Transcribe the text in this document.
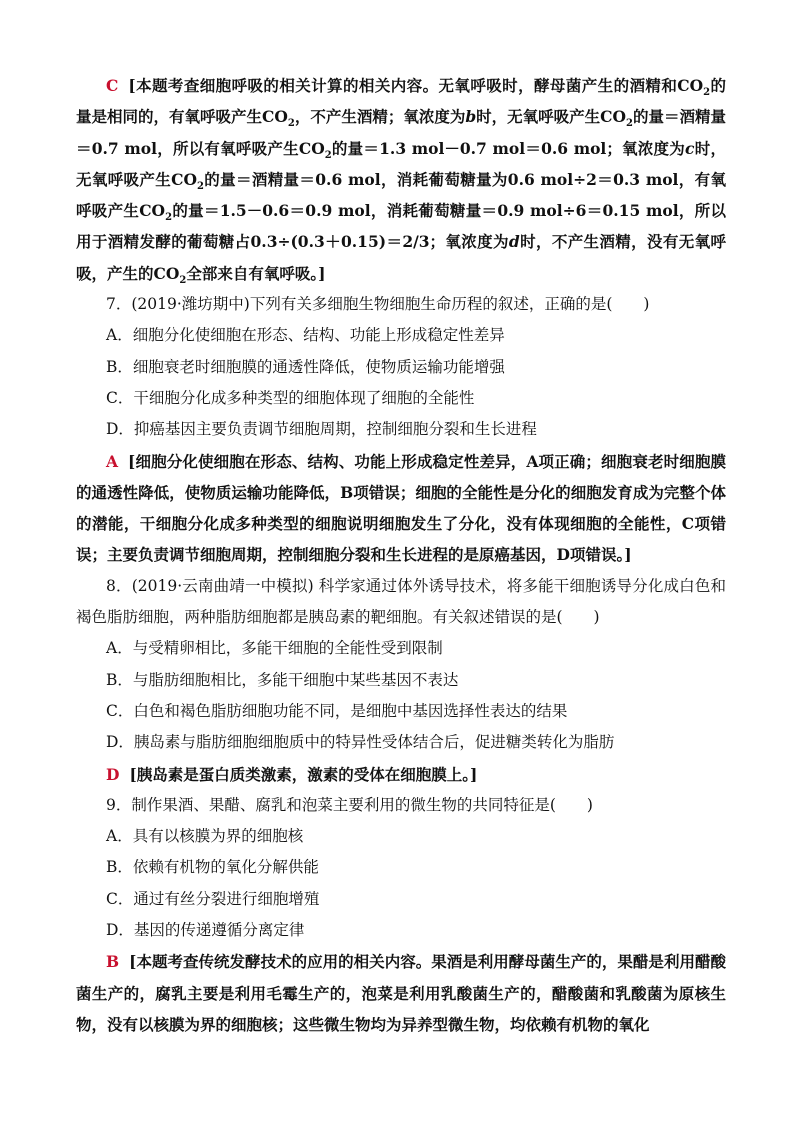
C [本题考查细胞呼吸的相关计算的相关内容。无氧呼吸时，酵母菌产生的酒精和$CO_2$的量是相同的，有氧呼吸产生$CO_2$，不产生酒精；氧浓度为b时，无氧呼吸产生$CO_2$的量＝酒精量＝0.7 mol，所以有氧呼吸产生$CO_2$的量＝1.3 mol－0.7 mol＝0.6 mol；氧浓度为c时，无氧呼吸产生$CO_2$的量＝酒精量＝0.6 mol，消耗葡萄糖量为0.6 mol÷2＝0.3 mol，有氧呼吸产生$CO_2$的量＝1.5－0.6＝0.9 mol，消耗葡萄糖量＝0.9 mol÷6＝0.15 mol，所以用于酒精发酵的葡萄糖占0.3÷(0.3＋0.15)＝2/3；氧浓度为d时，不产生酒精，没有无氧呼吸，产生的$CO_2$全部来自有氧呼吸。]

7．(2019·潍坊期中)下列有关多细胞生物细胞生命历程的叙述，正确的是(　　)

A．细胞分化使细胞在形态、结构、功能上形成稳定性差异

B．细胞衰老时细胞膜的通透性降低，使物质运输功能增强

C．干细胞分化成多种类型的细胞体现了细胞的全能性

D．抑癌基因主要负责调节细胞周期，控制细胞分裂和生长进程

A [细胞分化使细胞在形态、结构、功能上形成稳定性差异，A项正确；细胞衰老时细胞膜的通透性降低，使物质运输功能降低，B项错误；细胞的全能性是分化的细胞发育成为完整个体的潜能，干细胞分化成多种类型的细胞说明细胞发生了分化，没有体现细胞的全能性，C项错误；主要负责调节细胞周期，控制细胞分裂和生长进程的是原癌基因，D项错误。]

8．(2019·云南曲靖一中模拟) 科学家通过体外诱导技术，将多能干细胞诱导分化成白色和褐色脂肪细胞，两种脂肪细胞都是胰岛素的靶细胞。有关叙述错误的是(　　)

A．与受精卵相比，多能干细胞的全能性受到限制

B．与脂肪细胞相比，多能干细胞中某些基因不表达

C．白色和褐色脂肪细胞功能不同，是细胞中基因选择性表达的结果

D．胰岛素与脂肪细胞细胞质中的特异性受体结合后，促进糖类转化为脂肪

D [胰岛素是蛋白质类激素，激素的受体在细胞膜上。]

9．制作果酒、果醋、腐乳和泡菜主要利用的微生物的共同特征是(　　)

A．具有以核膜为界的细胞核

B．依赖有机物的氧化分解供能

C．通过有丝分裂进行细胞增殖

D．基因的传递遵循分离定律

B [本题考查传统发酵技术的应用的相关内容。果酒是利用酵母菌生产的，果醋是利用醋酸菌生产的，腐乳主要是利用毛霉生产的，泡菜是利用乳酸菌生产的，醋酸菌和乳酸菌为原核生物，没有以核膜为界的细胞核；这些微生物均为异养型微生物，均依赖有机物的氧化
